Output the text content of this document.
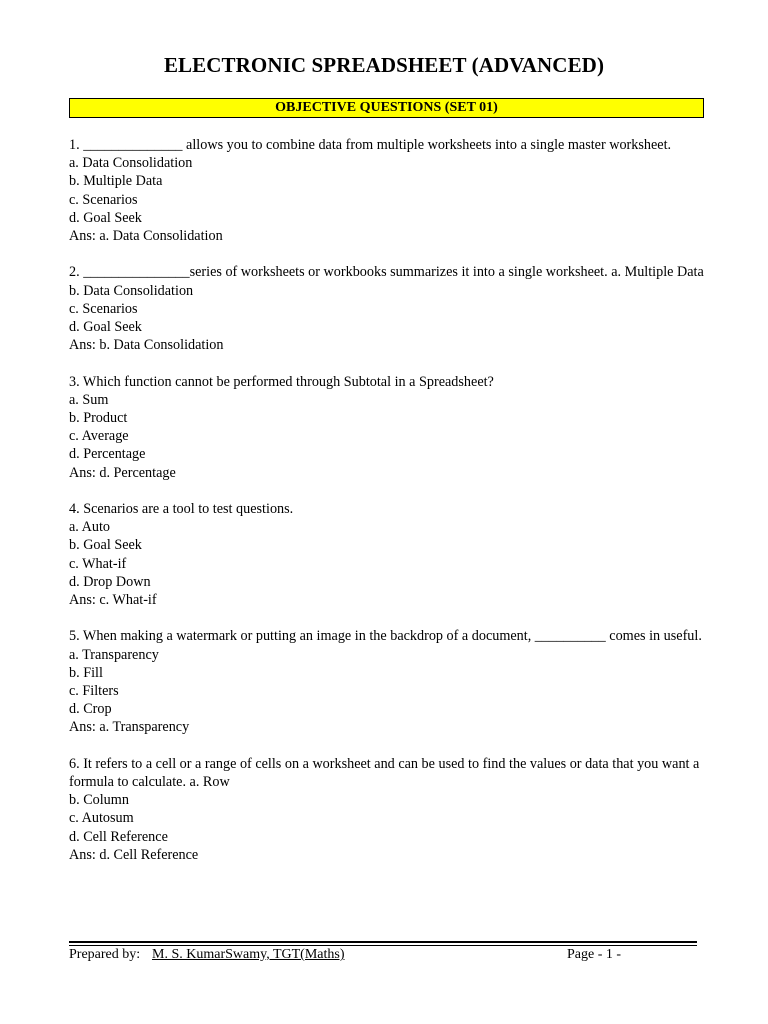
ELECTRONIC SPREADSHEET (ADVANCED)
OBJECTIVE QUESTIONS (SET 01)
1. ______________ allows you to combine data from multiple worksheets into a single master worksheet.
a. Data Consolidation
b. Multiple Data
c. Scenarios
d. Goal Seek
Ans: a. Data Consolidation
2. _______________series of worksheets or workbooks summarizes it into a single worksheet. a. Multiple Data
b. Data Consolidation
c. Scenarios
d. Goal Seek
Ans: b. Data Consolidation
3. Which function cannot be performed through Subtotal in a Spreadsheet?
a. Sum
b. Product
c. Average
d. Percentage
Ans: d. Percentage
4. Scenarios are a tool to test questions.
a. Auto
b. Goal Seek
c. What-if
d. Drop Down
Ans: c. What-if
5. When making a watermark or putting an image in the backdrop of a document, __________ comes in useful.
a. Transparency
b. Fill
c. Filters
d. Crop
Ans: a. Transparency
6. It refers to a cell or a range of cells on a worksheet and can be used to find the values or data that you want a formula to calculate. a. Row
b. Column
c. Autosum
d. Cell Reference
Ans: d. Cell Reference
Prepared by: M. S. KumarSwamy, TGT(Maths)	Page - 1 -
